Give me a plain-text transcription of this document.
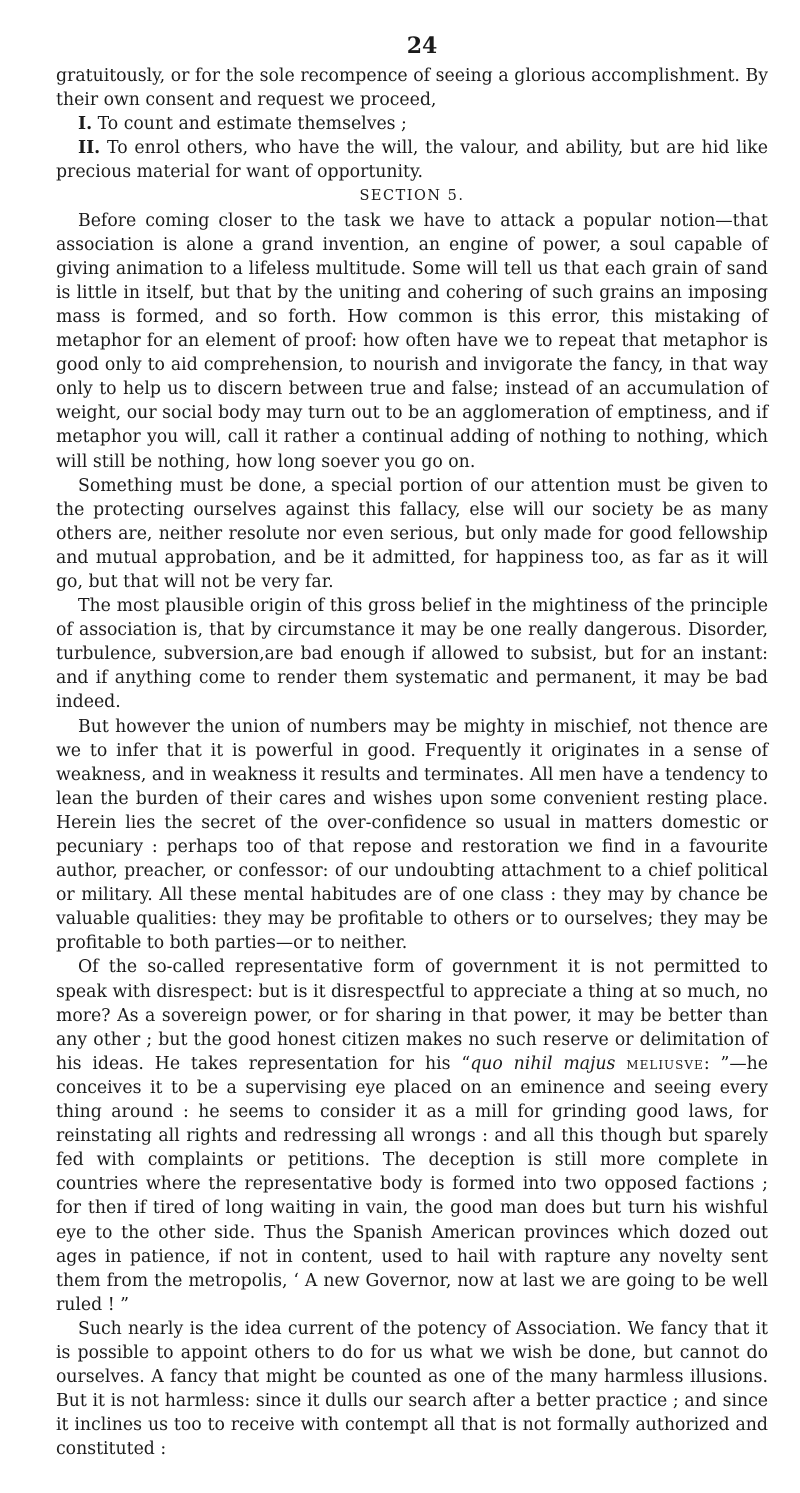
24

gratuitously, or for the sole recompence of seeing a glorious accomplishment. By their own consent and request we proceed,

I. To count and estimate themselves ;

II. To enrol others, who have the will, the valour, and ability, but are hid like precious material for want of opportunity.

SECTION 5.

Before coming closer to the task we have to attack a popular notion—that association is alone a grand invention, an engine of power, a soul capable of giving animation to a lifeless multitude. Some will tell us that each grain of sand is little in itself, but that by the uniting and cohering of such grains an imposing mass is formed, and so forth. How common is this error, this mistaking of metaphor for an element of proof: how often have we to repeat that metaphor is good only to aid comprehension, to nourish and invigorate the fancy, in that way only to help us to discern between true and false; instead of an accumulation of weight, our social body may turn out to be an agglomeration of emptiness, and if metaphor you will, call it rather a continual adding of nothing to nothing, which will still be nothing, how long soever you go on.

Something must be done, a special portion of our attention must be given to the protecting ourselves against this fallacy, else will our society be as many others are, neither resolute nor even serious, but only made for good fellowship and mutual approbation, and be it admitted, for happiness too, as far as it will go, but that will not be very far.

The most plausible origin of this gross belief in the mightiness of the principle of association is, that by circumstance it may be one really dangerous. Disorder, turbulence, subversion,are bad enough if allowed to subsist, but for an instant: and if anything come to render them systematic and permanent, it may be bad indeed.

But however the union of numbers may be mighty in mischief, not thence are we to infer that it is powerful in good. Frequently it originates in a sense of weakness, and in weakness it results and terminates. All men have a tendency to lean the burden of their cares and wishes upon some convenient resting place. Herein lies the secret of the over-confidence so usual in matters domestic or pecuniary : perhaps too of that repose and restoration we find in a favourite author, preacher, or confessor: of our undoubting attachment to a chief political or military. All these mental habitudes are of one class : they may by chance be valuable qualities: they may be profitable to others or to ourselves; they may be profitable to both parties—or to neither.

Of the so-called representative form of government it is not permitted to speak with disrespect: but is it disrespectful to appreciate a thing at so much, no more? As a sovereign power, or for sharing in that power, it may be better than any other ; but the good honest citizen makes no such reserve or delimitation of his ideas. He takes representation for his “quo nihil majus meliusve: ”—he conceives it to be a supervising eye placed on an eminence and seeing every thing around : he seems to consider it as a mill for grinding good laws, for reinstating all rights and redressing all wrongs : and all this though but sparely fed with complaints or petitions. The deception is still more complete in countries where the representative body is formed into two opposed factions ; for then if tired of long waiting in vain, the good man does but turn his wishful eye to the other side. Thus the Spanish American provinces which dozed out ages in patience, if not in content, used to hail with rapture any novelty sent them from the metropolis, ‘ A new Governor, now at last we are going to be well ruled ! ”

Such nearly is the idea current of the potency of Association. We fancy that it is possible to appoint others to do for us what we wish be done, but cannot do ourselves. A fancy that might be counted as one of the many harmless illusions. But it is not harmless: since it dulls our search after a better practice ; and since it inclines us too to receive with contempt all that is not formally authorized and constituted :
